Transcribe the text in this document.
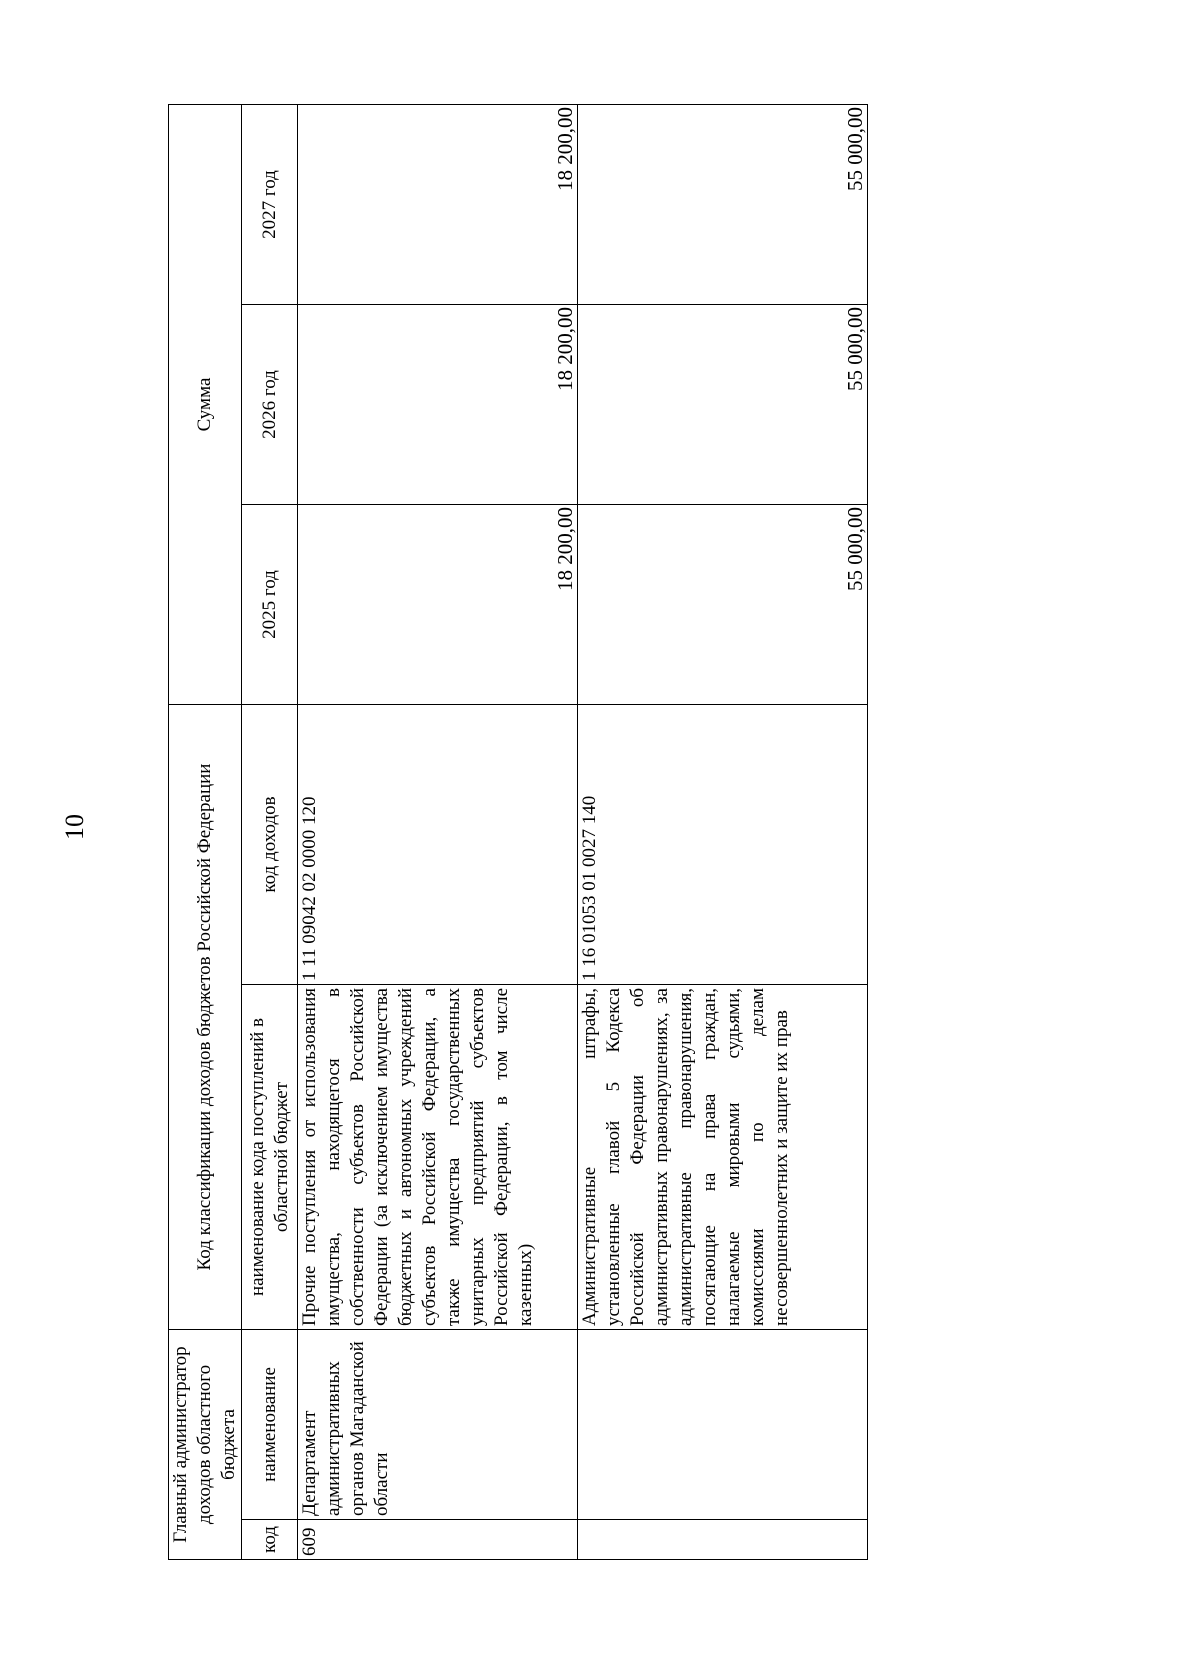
10
Главный администратор доходов областного бюджета		Код классификации доходов бюджетов Российской Федерации		Сумма		
код	наименование	наименование кода поступлений в областной бюджет	код доходов	2025 год	2026 год	2027 год
609	Департамент административных органов Магаданской области	Прочие поступления от использования имущества, находящегося в собственности субъектов Российской Федерации (за исключением имущества бюджетных и автономных учреждений субъектов Российской Федерации, а также имущества государственных унитарных предприятий субъектов Российской Федерации, в том числе казенных)	1 11 09042 02 0000 120	18 200,00	18 200,00	18 200,00
		Административные штрафы, установленные главой 5 Кодекса Российской Федерации об административных правонарушениях, за административные правонарушения, посягающие на права граждан, налагаемые мировыми судьями, комиссиями по делам несовершеннолетних и защите их прав	1 16 01053 01 0027 140	55 000,00	55 000,00	55 000,00
